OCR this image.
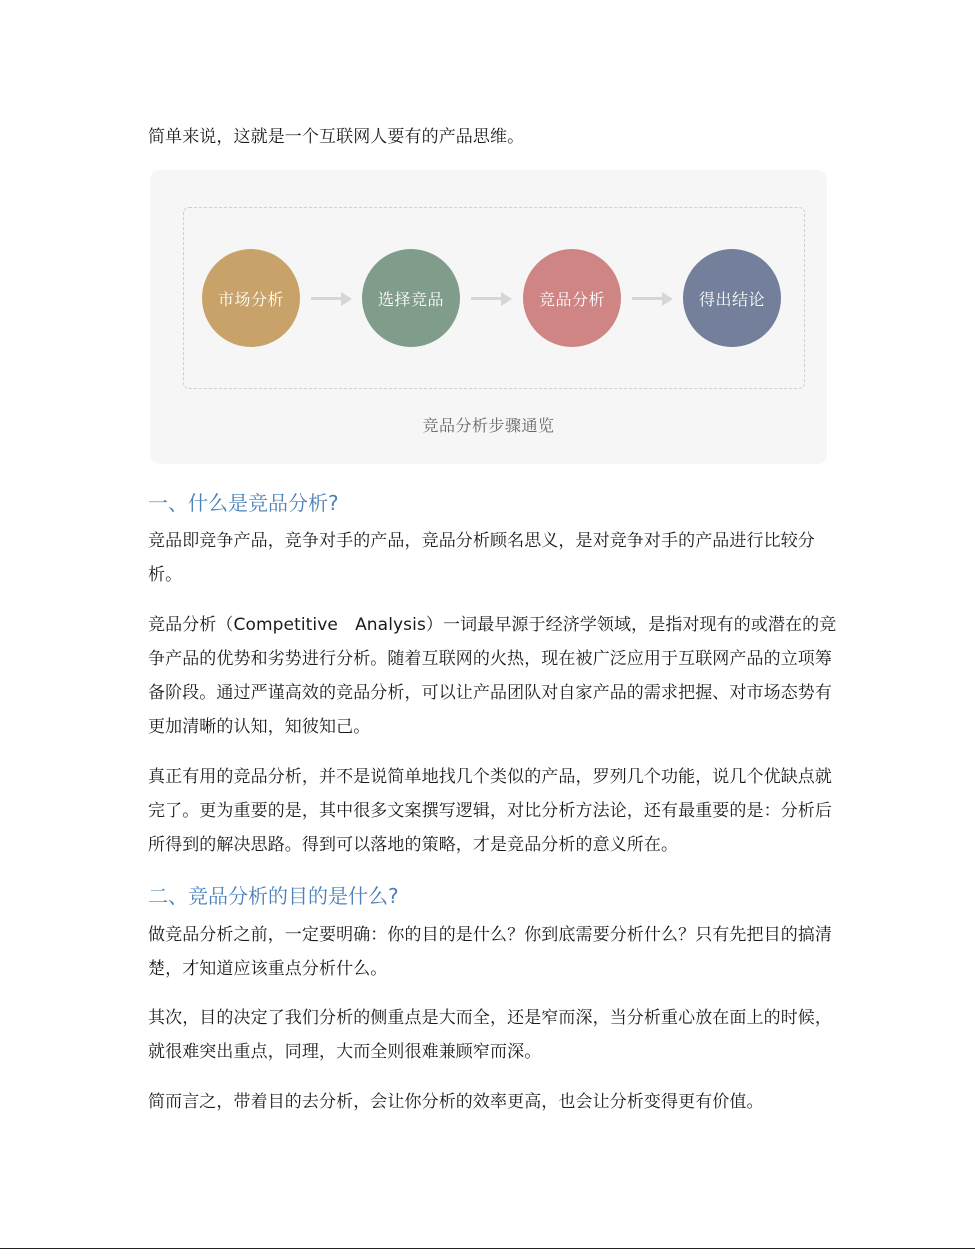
简单来说，这就是一个互联网人要有的产品思维。

市场分析	选择竞品	竞品分析	得出结论
竞品分析步骤通览
一、什么是竞品分析?

竞品即竞争产品，竞争对手的产品，竞品分析顾名思义，是对竞争对手的产品进行比较分析。

竞品分析（Competitive　Analysis）一词最早源于经济学领域，是指对现有的或潜在的竞争产品的优势和劣势进行分析。随着互联网的火热，现在被广泛应用于互联网产品的立项筹备阶段。通过严谨高效的竞品分析，可以让产品团队对自家产品的需求把握、对市场态势有更加清晰的认知，知彼知己。

真正有用的竞品分析，并不是说简单地找几个类似的产品，罗列几个功能，说几个优缺点就完了。更为重要的是，其中很多文案撰写逻辑，对比分析方法论，还有最重要的是：分析后所得到的解决思路。得到可以落地的策略，才是竞品分析的意义所在。

二、竞品分析的目的是什么?

做竞品分析之前，一定要明确：你的目的是什么？你到底需要分析什么？只有先把目的搞清楚，才知道应该重点分析什么。

其次，目的决定了我们分析的侧重点是大而全，还是窄而深，当分析重心放在面上的时候，就很难突出重点，同理，大而全则很难兼顾窄而深。

简而言之，带着目的去分析，会让你分析的效率更高，也会让分析变得更有价值。
